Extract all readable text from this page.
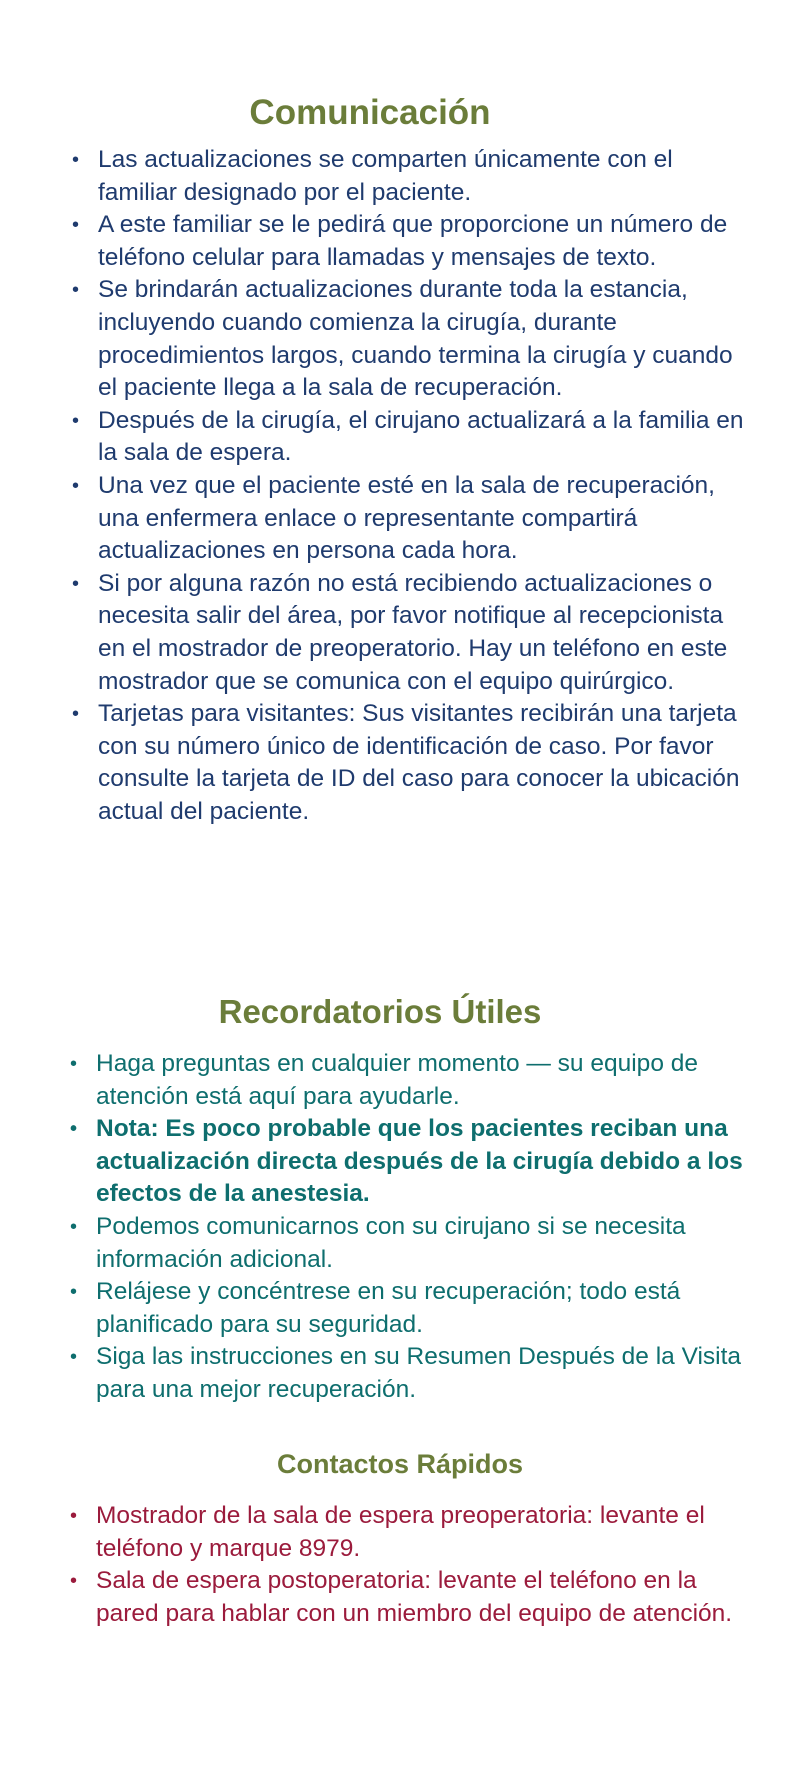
Comunicación
• Las actualizaciones se comparten únicamente con el familiar designado por el paciente.
• A este familiar se le pedirá que proporcione un número de teléfono celular para llamadas y mensajes de texto.
• Se brindarán actualizaciones durante toda la estancia, incluyendo cuando comienza la cirugía, durante procedimientos largos, cuando termina la cirugía y cuando el paciente llega a la sala de recuperación.
• Después de la cirugía, el cirujano actualizará a la familia en la sala de espera.
• Una vez que el paciente esté en la sala de recuperación, una enfermera enlace o representante compartirá actualizaciones en persona cada hora.
• Si por alguna razón no está recibiendo actualizaciones o necesita salir del área, por favor notifique al recepcionista en el mostrador de preoperatorio. Hay un teléfono en este mostrador que se comunica con el equipo quirúrgico.
• Tarjetas para visitantes: Sus visitantes recibirán una tarjeta con su número único de identificación de caso. Por favor consulte la tarjeta de ID del caso para conocer la ubicación actual del paciente.
Recordatorios Útiles
• Haga preguntas en cualquier momento — su equipo de atención está aquí para ayudarle.
• Nota: Es poco probable que los pacientes reciban una actualización directa después de la cirugía debido a los efectos de la anestesia.
• Podemos comunicarnos con su cirujano si se necesita información adicional.
• Relájese y concéntrese en su recuperación; todo está planificado para su seguridad.
• Siga las instrucciones en su Resumen Después de la Visita para una mejor recuperación.
Contactos Rápidos
• Mostrador de la sala de espera preoperatoria: levante el teléfono y marque 8979.
• Sala de espera postoperatoria: levante el teléfono en la pared para hablar con un miembro del equipo de atención.
